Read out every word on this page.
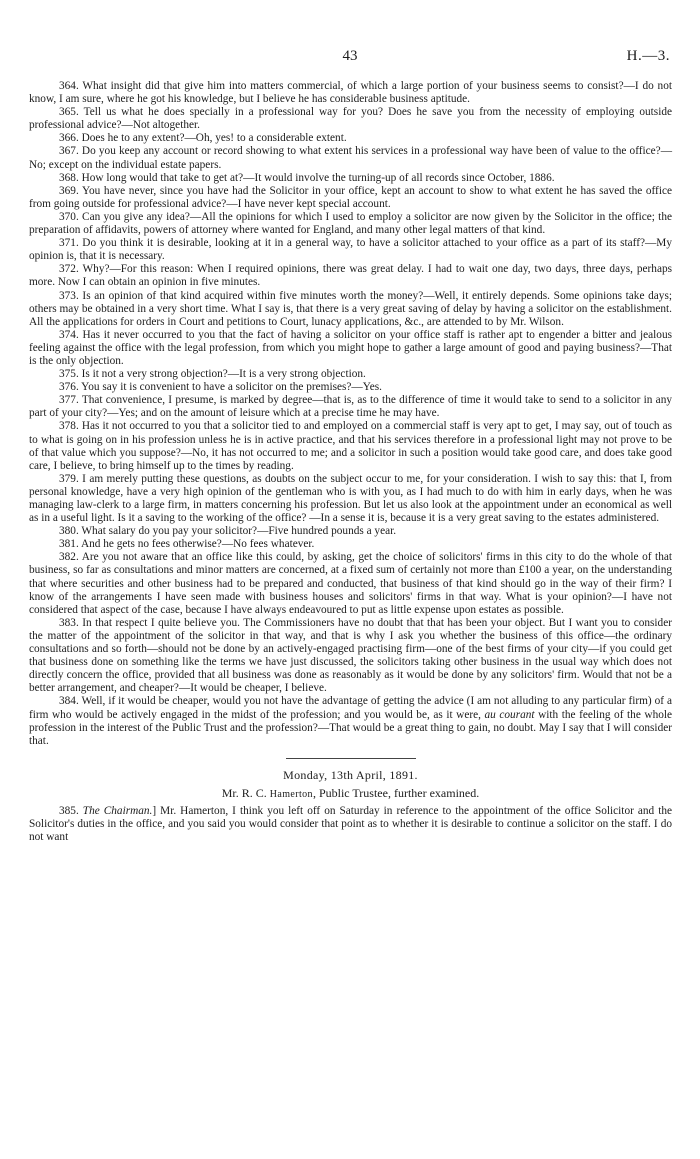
43	H.—3.

364. What insight did that give him into matters commercial, of which a large portion of your business seems to consist?—I do not know, I am sure, where he got his knowledge, but I believe he has considerable business aptitude.

365. Tell us what he does specially in a professional way for you? Does he save you from the necessity of employing outside professional advice?—Not altogether.

366. Does he to any extent?—Oh, yes! to a considerable extent.

367. Do you keep any account or record showing to what extent his services in a professional way have been of value to the office?—No; except on the individual estate papers.

368. How long would that take to get at?—It would involve the turning-up of all records since October, 1886.

369. You have never, since you have had the Solicitor in your office, kept an account to show to what extent he has saved the office from going outside for professional advice?—I have never kept special account.

370. Can you give any idea?—All the opinions for which I used to employ a solicitor are now given by the Solicitor in the office; the preparation of affidavits, powers of attorney where wanted for England, and many other legal matters of that kind.

371. Do you think it is desirable, looking at it in a general way, to have a solicitor attached to your office as a part of its staff?—My opinion is, that it is necessary.

372. Why?—For this reason: When I required opinions, there was great delay. I had to wait one day, two days, three days, perhaps more. Now I can obtain an opinion in five minutes.

373. Is an opinion of that kind acquired within five minutes worth the money?—Well, it entirely depends. Some opinions take days; others may be obtained in a very short time. What I say is, that there is a very great saving of delay by having a solicitor on the establishment. All the applications for orders in Court and petitions to Court, lunacy applications, &c., are attended to by Mr. Wilson.

374. Has it never occurred to you that the fact of having a solicitor on your office staff is rather apt to engender a bitter and jealous feeling against the office with the legal profession, from which you might hope to gather a large amount of good and paying business?—That is the only objection.

375. Is it not a very strong objection?—It is a very strong objection.

376. You say it is convenient to have a solicitor on the premises?—Yes.

377. That convenience, I presume, is marked by degree—that is, as to the difference of time it would take to send to a solicitor in any part of your city?—Yes; and on the amount of leisure which at a precise time he may have.

378. Has it not occurred to you that a solicitor tied to and employed on a commercial staff is very apt to get, I may say, out of touch as to what is going on in his profession unless he is in active practice, and that his services therefore in a professional light may not prove to be of that value which you suppose?—No, it has not occurred to me; and a solicitor in such a position would take good care, and does take good care, I believe, to bring himself up to the times by reading.

379. I am merely putting these questions, as doubts on the subject occur to me, for your consideration. I wish to say this: that I, from personal knowledge, have a very high opinion of the gentleman who is with you, as I had much to do with him in early days, when he was managing law-clerk to a large firm, in matters concerning his profession. But let us also look at the appointment under an economical as well as in a useful light. Is it a saving to the working of the office? —In a sense it is, because it is a very great saving to the estates administered.

380. What salary do you pay your solicitor?—Five hundred pounds a year.

381. And he gets no fees otherwise?—No fees whatever.

382. Are you not aware that an office like this could, by asking, get the choice of solicitors' firms in this city to do the whole of that business, so far as consultations and minor matters are concerned, at a fixed sum of certainly not more than £100 a year, on the understanding that where securities and other business had to be prepared and conducted, that business of that kind should go in the way of their firm? I know of the arrangements I have seen made with business houses and solicitors' firms in that way. What is your opinion?—I have not considered that aspect of the case, because I have always endeavoured to put as little expense upon estates as possible.

383. In that respect I quite believe you. The Commissioners have no doubt that that has been your object. But I want you to consider the matter of the appointment of the solicitor in that way, and that is why I ask you whether the business of this office—the ordinary consultations and so forth—should not be done by an actively-engaged practising firm—one of the best firms of your city—if you could get that business done on something like the terms we have just discussed, the solicitors taking other business in the usual way which does not directly concern the office, provided that all business was done as reasonably as it would be done by any solicitors' firm. Would that not be a better arrangement, and cheaper?—It would be cheaper, I believe.

384. Well, if it would be cheaper, would you not have the advantage of getting the advice (I am not alluding to any particular firm) of a firm who would be actively engaged in the midst of the profession; and you would be, as it were, au courant with the feeling of the whole profession in the interest of the Public Trust and the profession?—That would be a great thing to gain, no doubt. May I say that I will consider that.

Monday, 13th April, 1891.

Mr. R. C. Hamerton, Public Trustee, further examined.

385. The Chairman.] Mr. Hamerton, I think you left off on Saturday in reference to the appointment of the office Solicitor and the Solicitor's duties in the office, and you said you would consider that point as to whether it is desirable to continue a solicitor on the staff. I do not want
